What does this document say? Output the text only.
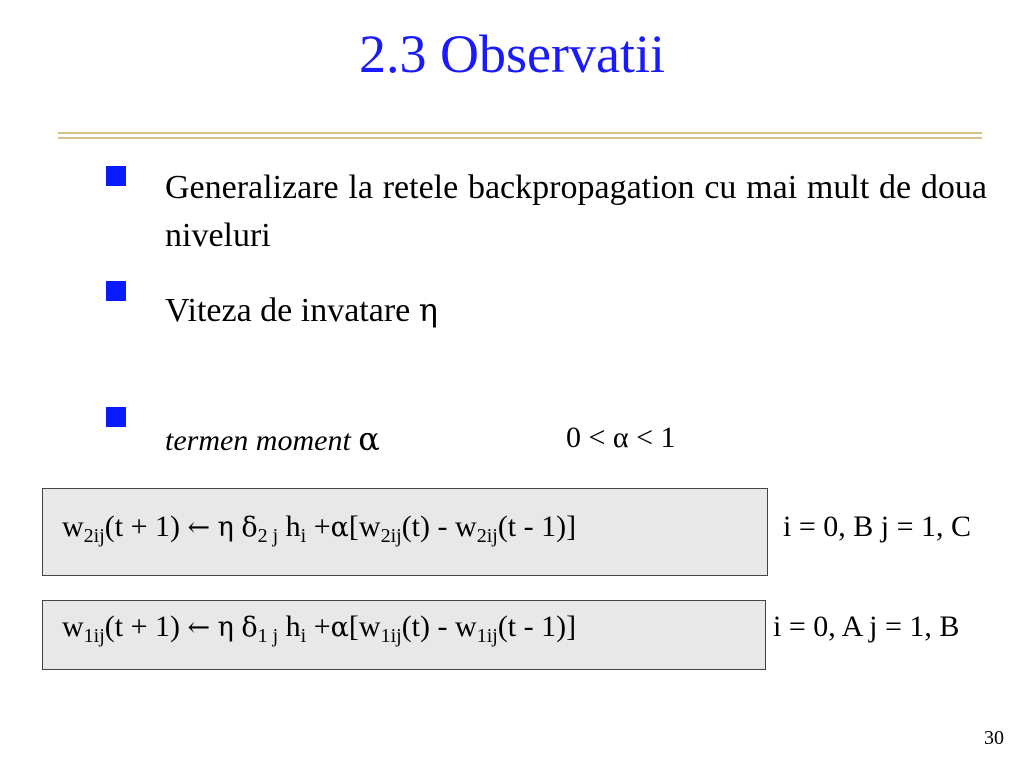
2.3 Observatii
Generalizare la retele backpropagation cu mai mult de doua niveluri
Viteza de invatare η
termen moment α	0 < α < 1
$w_{2ij}(t + 1)$ ← η $\delta_{2 j}$ $h_i +\alpha[w_{2ij}(t) - w_{2ij}(t - 1)]$	i = 0, B j = 1, C
$w_{1ij}(t + 1)$ ← η $\delta_{1 j}$ $h_i +\alpha[w_{1ij}(t) - w_{1ij}(t - 1)]$	i = 0, A j = 1, B
30
